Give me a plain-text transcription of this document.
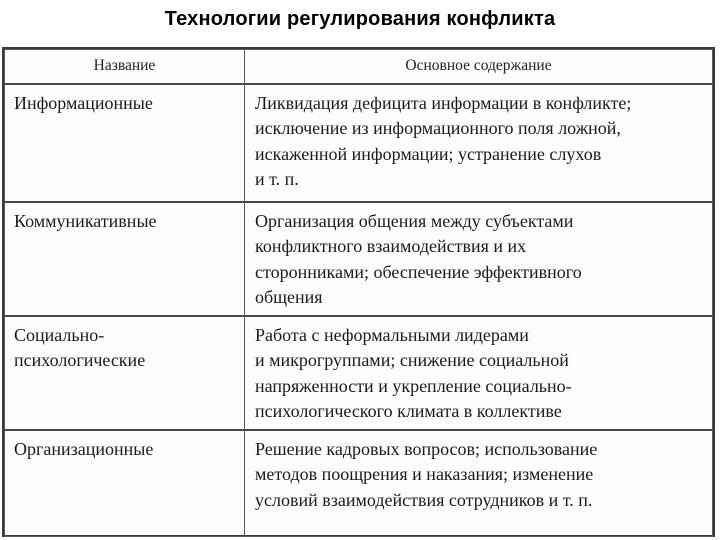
Технологии регулирования конфликта
Название	Основное содержание

Информационные	Ликвидация дефицита информации в конфликте;
исключение из информационного поля ложной,
искаженной информации; устранение слухов
и т. п.

Коммуникативные	Организация общения между субъектами
конфликтного взаимодействия и их
сторонниками; обеспечение эффективного
общения

Социально-
психологические	Работа с неформальными лидерами
и микрогруппами; снижение социальной
напряженности и укрепление социально-
психологического климата в коллективе

Организационные	Решение кадровых вопросов; использование
методов поощрения и наказания; изменение
условий взаимодействия сотрудников и т. п.
